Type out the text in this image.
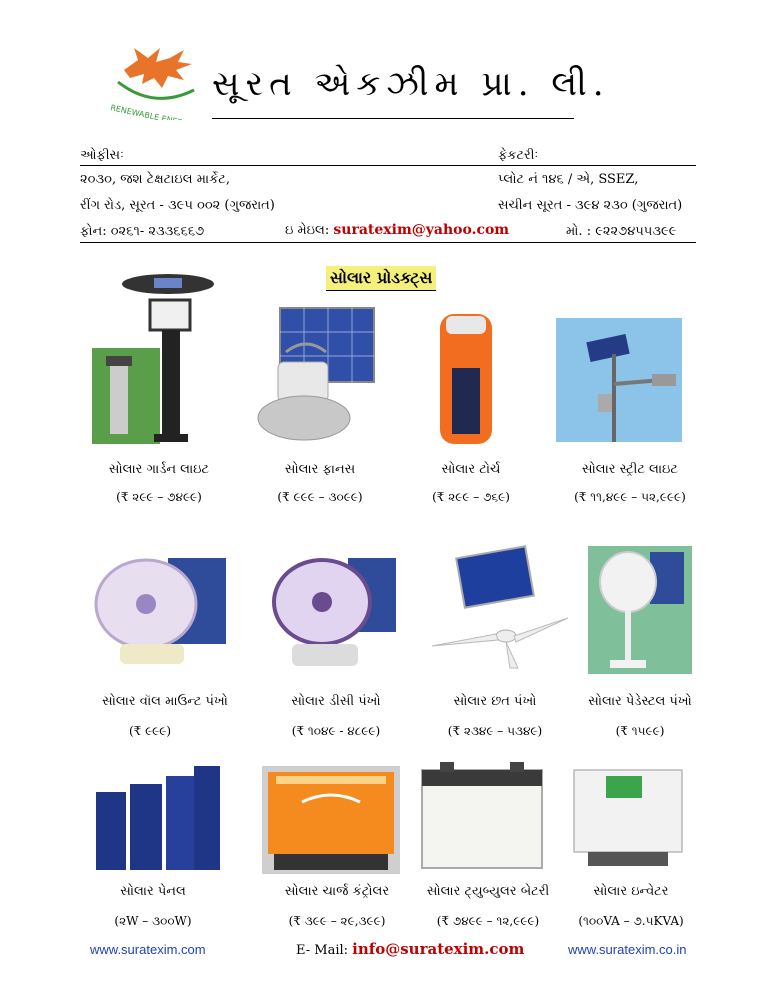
RENEWABLE ENERGY
સૂરત એકઝીમ પ્રા. લી.
ઓફીસઃ
૨૦૩૦, જશ ટેક્ષટાઇલ માર્કેટ,
રીંગ રોડ, સૂરત - ૩૯૫ ૦૦૨ (ગુજરાત)
ફોન: ૦૨૬૧- ૨૩૩૬૬૬૭
ફેકટરીઃ
પ્લોટ નં ૧૪૬ / એ, SSEZ,
સચીન સૂરત - ૩૯૪ ૨૩૦ (ગુજરાત)
મો. : ૯૨૨૭૪૫૫૩૯૯
ઇ મેઇલ: suratexim@yahoo.com
સોલાર પ્રોડક્ટ્સ
સોલાર ગાર્ડન લાઇટ
(₹ ૨૯૯ – ૭૪૯૯)
સોલાર ફાનસ
(₹ ૯૯૯ – ૩૦૯૯)
સોલાર ટોર્ચ
(₹ ૨૯૯ – ૭૬૯)
સોલાર સ્ટ્રીટ લાઇટ
(₹ ૧૧,૪૯૯ – ૫૨,૯૯૯)
સોલાર વૉલ માઉન્ટ પંખો
(₹ ૯૯૯)
સોલાર ડીસી પંખો
(₹ ૧૦૪૯ - ૪૮૯૯)
સોલાર છત પંખો
(₹ ૨૩૪૯ – ૫૩૪૯)
સોલાર પેડેસ્ટલ પંખો
(₹ ૧૫૯૯)
સોલાર પેનલ
(૨W – ૩૦૦W)
સોલાર ચાર્જ કંટ્રોલર
(₹ ૩૯૯ – ૨૯,૩૯૯)
સોલાર ટ્યુબ્યુલર બેટરી
(₹ ૭૪૯૯ – ૧૨,૯૯૯)
સોલાર ઇન્વેટર
(૧૦૦VA – ૭.૫KVA)
www.suratexim.com	E- Mail: info@suratexim.com	www.suratexim.co.in
